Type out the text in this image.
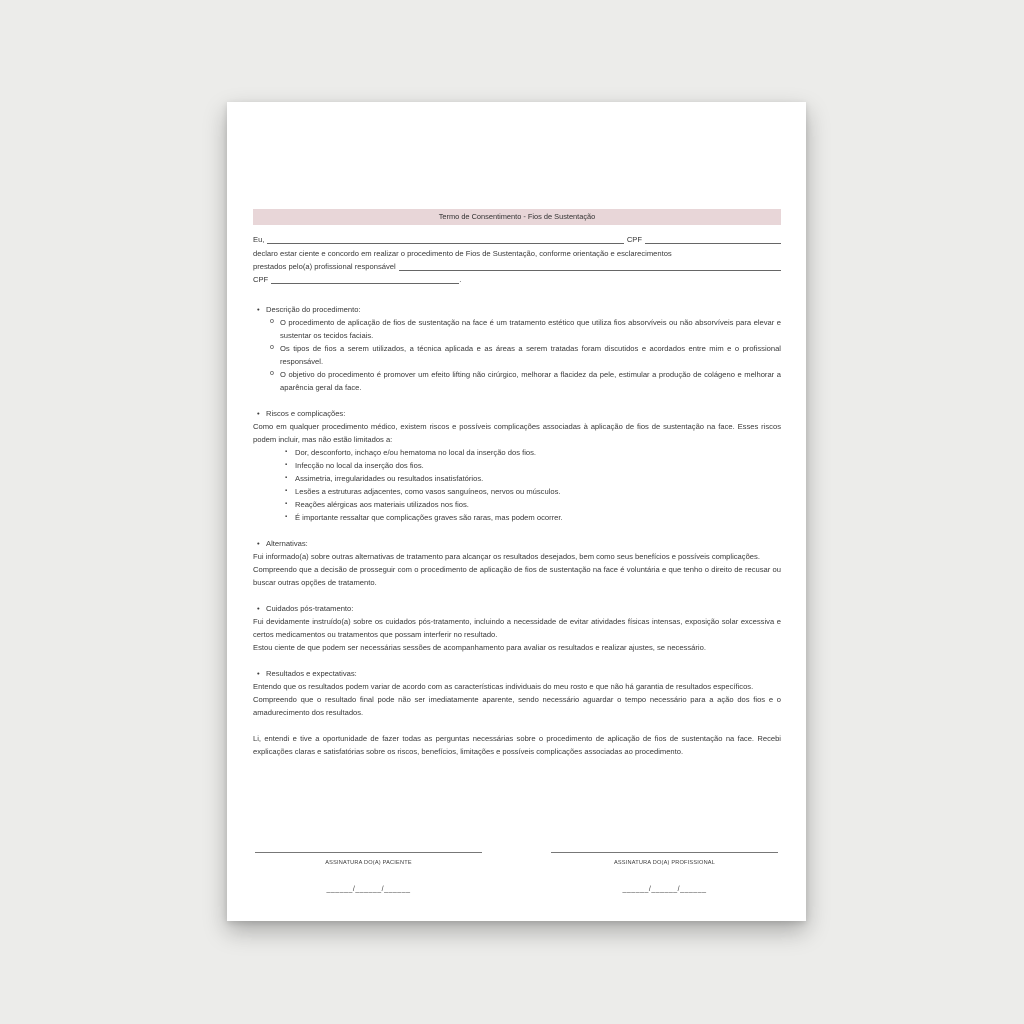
Termo de Consentimento - Fios de Sustentação
Eu,	CPF

declaro estar ciente e concordo em realizar o procedimento de Fios de Sustentação, conforme orientação e esclarecimentos

prestados pelo(a) profissional responsável
CPF	.
• Descrição do procedimento:
o O procedimento de aplicação de fios de sustentação na face é um tratamento estético que utiliza fios absorvíveis ou não absorvíveis para elevar e sustentar os tecidos faciais.
o Os tipos de fios a serem utilizados, a técnica aplicada e as áreas a serem tratadas foram discutidos e acordados entre mim e o profissional responsável.
o O objetivo do procedimento é promover um efeito lifting não cirúrgico, melhorar a flacidez da pele, estimular a produção de colágeno e melhorar a aparência geral da face.
• Riscos e complicações:

Como em qualquer procedimento médico, existem riscos e possíveis complicações associadas à aplicação de fios de sustentação na face. Esses riscos podem incluir, mas não estão limitados a:

▪ Dor, desconforto, inchaço e/ou hematoma no local da inserção dos fios.
▪ Infecção no local da inserção dos fios.
▪ Assimetria, irregularidades ou resultados insatisfatórios.
▪ Lesões a estruturas adjacentes, como vasos sanguíneos, nervos ou músculos.
▪ Reações alérgicas aos materiais utilizados nos fios.
▪ É importante ressaltar que complicações graves são raras, mas podem ocorrer.
• Alternativas:

Fui informado(a) sobre outras alternativas de tratamento para alcançar os resultados desejados, bem como seus benefícios e possíveis complicações.

Compreendo que a decisão de prosseguir com o procedimento de aplicação de fios de sustentação na face é voluntária e que tenho o direito de recusar ou buscar outras opções de tratamento.

• Cuidados pós-tratamento:

Fui devidamente instruído(a) sobre os cuidados pós-tratamento, incluindo a necessidade de evitar atividades físicas intensas, exposição solar excessiva e certos medicamentos ou tratamentos que possam interferir no resultado.

Estou ciente de que podem ser necessárias sessões de acompanhamento para avaliar os resultados e realizar ajustes, se necessário.

• Resultados e expectativas:

Entendo que os resultados podem variar de acordo com as características individuais do meu rosto e que não há garantia de resultados específicos.

Compreendo que o resultado final pode não ser imediatamente aparente, sendo necessário aguardar o tempo necessário para a ação dos fios e o amadurecimento dos resultados.

Li, entendi e tive a oportunidade de fazer todas as perguntas necessárias sobre o procedimento de aplicação de fios de sustentação na face. Recebi explicações claras e satisfatórias sobre os riscos, benefícios, limitações e possíveis complicações associadas ao procedimento.

ASSINATURA DO(A) PACIENTE
______/______/______
ASSINATURA DO(A) PROFISSIONAL
______/______/______
